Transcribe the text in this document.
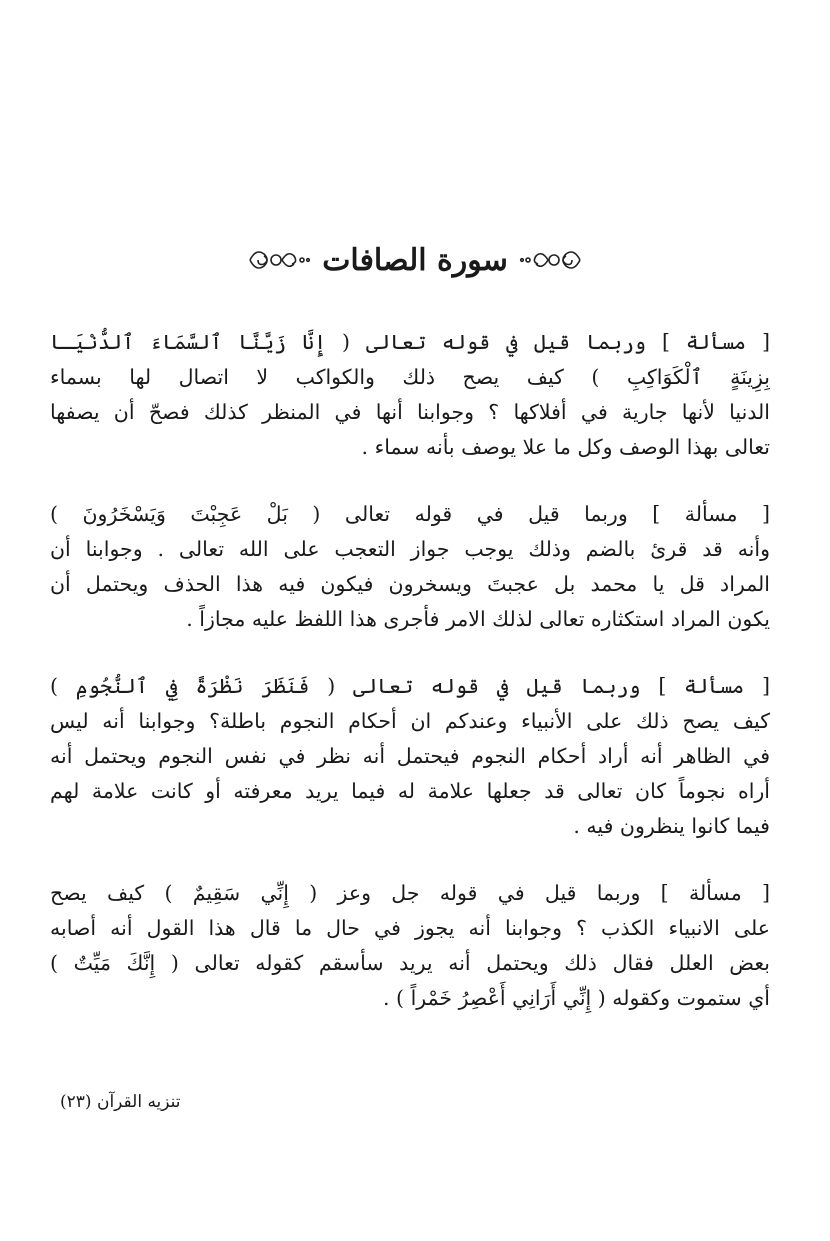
سورة الصافات
[ مسألة ] وربما قيل في قوله تعالى ( إِنَّا زَيَّنَّا ٱلسَّمَاءَ ٱلدُّنْيَـا
بِزِينَةٍ ٱلْكَوَاكِبِ ) كيف يصح ذلك والكواكب لا اتصال لها بسماء
الدنيا لأنها جارية في أفلاكها ؟ وجوابنا أنها في المنظر كذلك فصحّ أن يصفها
تعالى بهذا الوصف وكل ما علا يوصف بأنه سماء .
[ مسألة ] وربما قيل في قوله تعالى ( بَلْ عَجِبْتَ وَيَسْخَرُونَ )
وأنه قد قرئ بالضم وذلك يوجب جواز التعجب على الله تعالى . وجوابنا أن
المراد قل يا محمد بل عجبتَ ويسخرون فيكون فيه هذا الحذف ويحتمل أن
يكون المراد استكثاره تعالى لذلك الامر فأجرى هذا اللفظ عليه مجازاً .
[ مسألة ] وربما قيل في قوله تعالى ( فَنَظَرَ نَظْرَةً فِي ٱلنُّجُومِ )
كيف يصح ذلك على الأنبياء وعندكم ان أحكام النجوم باطلة؟ وجوابنا أنه ليس
في الظاهر أنه أراد أحكام النجوم فيحتمل أنه نظر في نفس النجوم ويحتمل أنه
أراه نجوماً كان تعالى قد جعلها علامة له فيما يريد معرفته أو كانت علامة لهم
فيما كانوا ينظرون فيه .
[ مسألة ] وربما قيل في قوله جل وعز ( إِنِّي سَقِيمٌ ) كيف يصح
على الانبياء الكذب ؟ وجوابنا أنه يجوز في حال ما قال هذا القول أنه أصابه
بعض العلل فقال ذلك ويحتمل أنه يريد سأسقم كقوله تعالى ( إِنَّكَ مَيِّتٌ )
أي ستموت وكقوله ( إِنِّي أَرَانِي أَعْصِرُ خَمْراً ) .
تنزيه القرآن (٢٣)
